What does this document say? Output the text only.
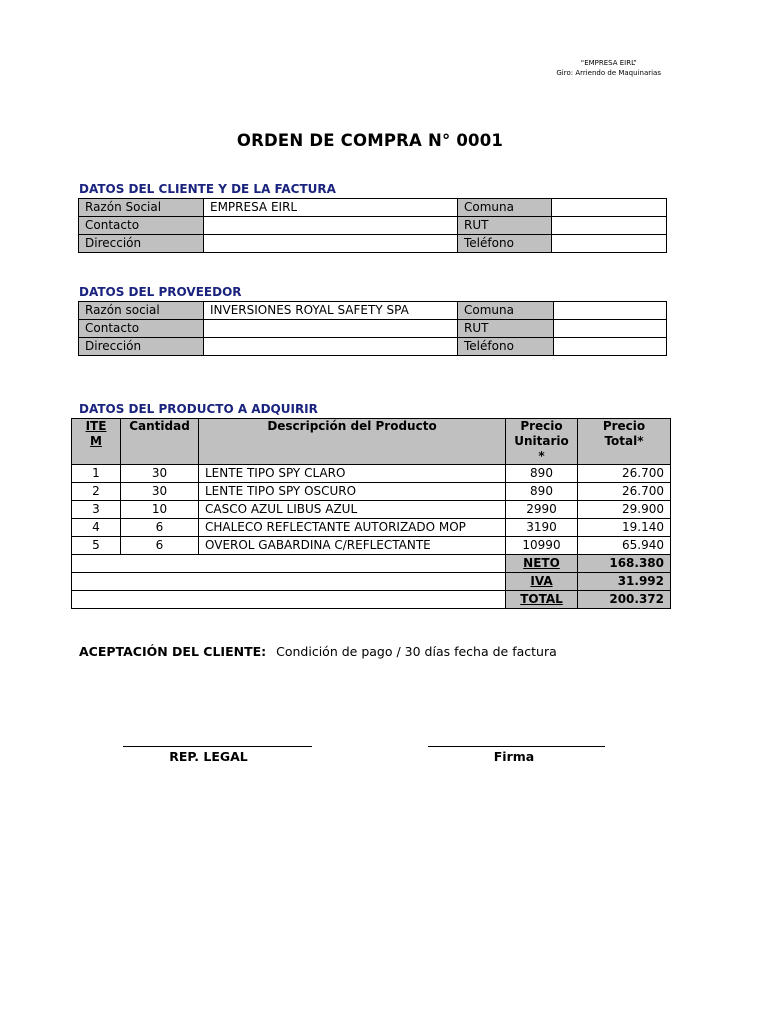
“EMPRESA EIRL”
Giro: Arriendo de Maquinarias
ORDEN DE COMPRA N° 0001
DATOS DEL CLIENTE Y DE LA FACTURA
Razón Social	EMPRESA EIRL	Comuna	
Contacto		RUT	
Dirección		Teléfono	
DATOS DEL PROVEEDOR
Razón social	INVERSIONES ROYAL SAFETY SPA	Comuna	
Contacto		RUT	
Dirección		Teléfono	
DATOS DEL PRODUCTO A ADQUIRIR
ITE M	Cantidad	Descripción del Producto	Precio Unitario *	Precio Total*
1	30	LENTE TIPO SPY CLARO	890	26.700
2	30	LENTE TIPO SPY OSCURO	890	26.700
3	10	CASCO AZUL LIBUS AZUL	2990	29.900
4	6	CHALECO REFLECTANTE AUTORIZADO MOP	3190	19.140
5	6	OVEROL GABARDINA C/REFLECTANTE	10990	65.940
			NETO	168.380
			IVA	31.992
			TOTAL	200.372
ACEPTACIÓN DEL CLIENTE: Condición de pago / 30 días fecha de factura
REP. LEGAL	Firma
